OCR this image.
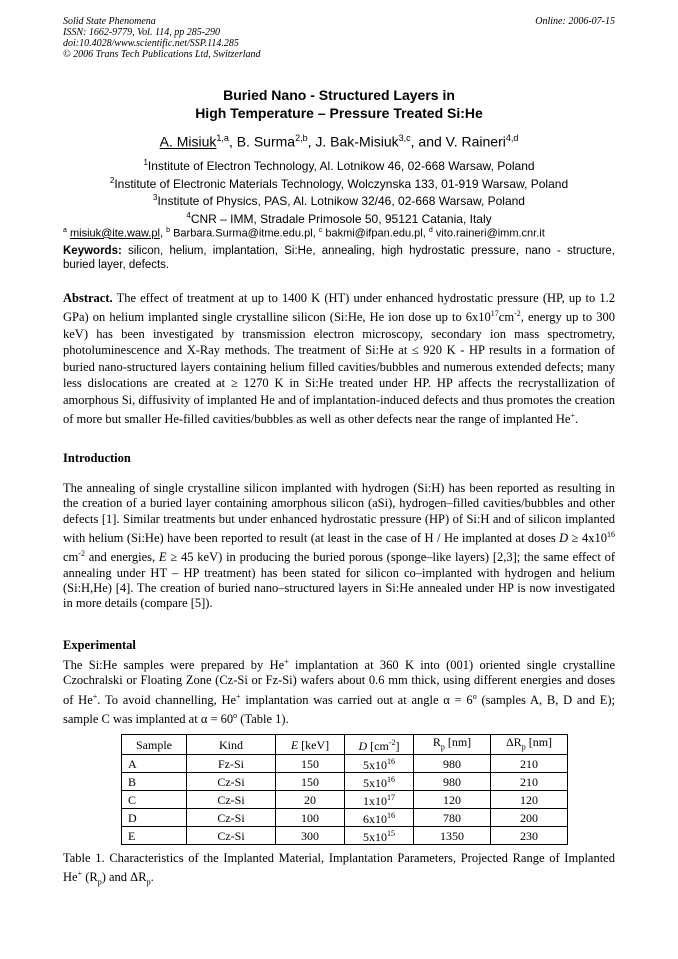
Solid State Phenomena
ISSN: 1662-9779, Vol. 114, pp 285-290
doi:10.4028/www.scientific.net/SSP.114.285
© 2006 Trans Tech Publications Ltd, Switzerland
Online: 2006-07-15
Buried Nano - Structured Layers in
High Temperature – Pressure Treated Si:He
A. Misiuk$^{1,a}$, B. Surma$^{2,b}$, J. Bak-Misiuk$^{3,c}$, and V. Raineri$^{4,d}$
$^1$Institute of Electron Technology, Al. Lotnikow 46, 02-668 Warsaw, Poland
$^2$Institute of Electronic Materials Technology, Wolczynska 133, 01-919 Warsaw, Poland
$^3$Institute of Physics, PAS, Al. Lotnikow 32/46, 02-668 Warsaw, Poland
$^4$CNR – IMM, Stradale Primosole 50, 95121 Catania, Italy
$^a$ misiuk@ite.waw.pl, $^b$ Barbara.Surma@itme.edu.pl, $^c$ bakmi@ifpan.edu.pl, $^d$ vito.raineri@imm.cnr.it
Keywords: silicon, helium, implantation, Si:He, annealing, high hydrostatic pressure, nano - structure, buried layer, defects.
Abstract. The effect of treatment at up to 1400 K (HT) under enhanced hydrostatic pressure (HP, up to 1.2 GPa) on helium implanted single crystalline silicon (Si:He, He ion dose up to $6x10^{17}cm^{-2}$, energy up to 300 keV) has been investigated by transmission electron microscopy, secondary ion mass spectrometry, photoluminescence and X-Ray methods. The treatment of Si:He at ≤ 920 K - HP results in a formation of buried nano-structured layers containing helium filled cavities/bubbles and numerous extended defects; many less dislocations are created at ≥ 1270 K in Si:He treated under HP. HP affects the recrystallization of amorphous Si, diffusivity of implanted He and of implantation-induced defects and thus promotes the creation of more but smaller He-filled cavities/bubbles as well as other defects near the range of implanted He+.
Introduction
The annealing of single crystalline silicon implanted with hydrogen (Si:H) has been reported as resulting in the creation of a buried layer containing amorphous silicon (aSi), hydrogen–filled cavities/bubbles and other defects [1]. Similar treatments but under enhanced hydrostatic pressure (HP) of Si:H and of silicon implanted with helium (Si:He) have been reported to result (at least in the case of H / He implanted at doses $D \ge 4x10^{16}$ $cm^{-2}$ and energies, E ≥ 45 keV) in producing the buried porous (sponge–like layers) [2,3]; the same effect of annealing under HT – HP treatment) has been stated for silicon co–implanted with hydrogen and helium (Si:H,He) [4]. The creation of buried nano–structured layers in Si:He annealed under HP is now investigated in more details (compare [5]).
Experimental
The Si:He samples were prepared by He+ implantation at 360 K into (001) oriented single crystalline Czochralski or Floating Zone (Cz-Si or Fz-Si) wafers about 0.6 mm thick, using different energies and doses of He+. To avoid channelling, He+ implantation was carried out at angle $\alpha = 6^o$ (samples A, B, D and E); sample C was implanted at $\alpha = 60^o$ (Table 1).
Sample	Kind	E [keV]	D $[cm^{-2}]$	$R_p$ [nm]	$\Delta R_p$ [nm]
A	Fz-Si	150	$5x10^{16}$	980	210
B	Cz-Si	150	$5x10^{16}$	980	210
C	Cz-Si	20	$1x10^{17}$	120	120
D	Cz-Si	100	$6x10^{16}$	780	200
E	Cz-Si	300	$5x10^{15}$	1350	230
Table 1. Characteristics of the Implanted Material, Implantation Parameters, Projected Range of Implanted He+ $(R_p)$ and $\Delta R_p$.
